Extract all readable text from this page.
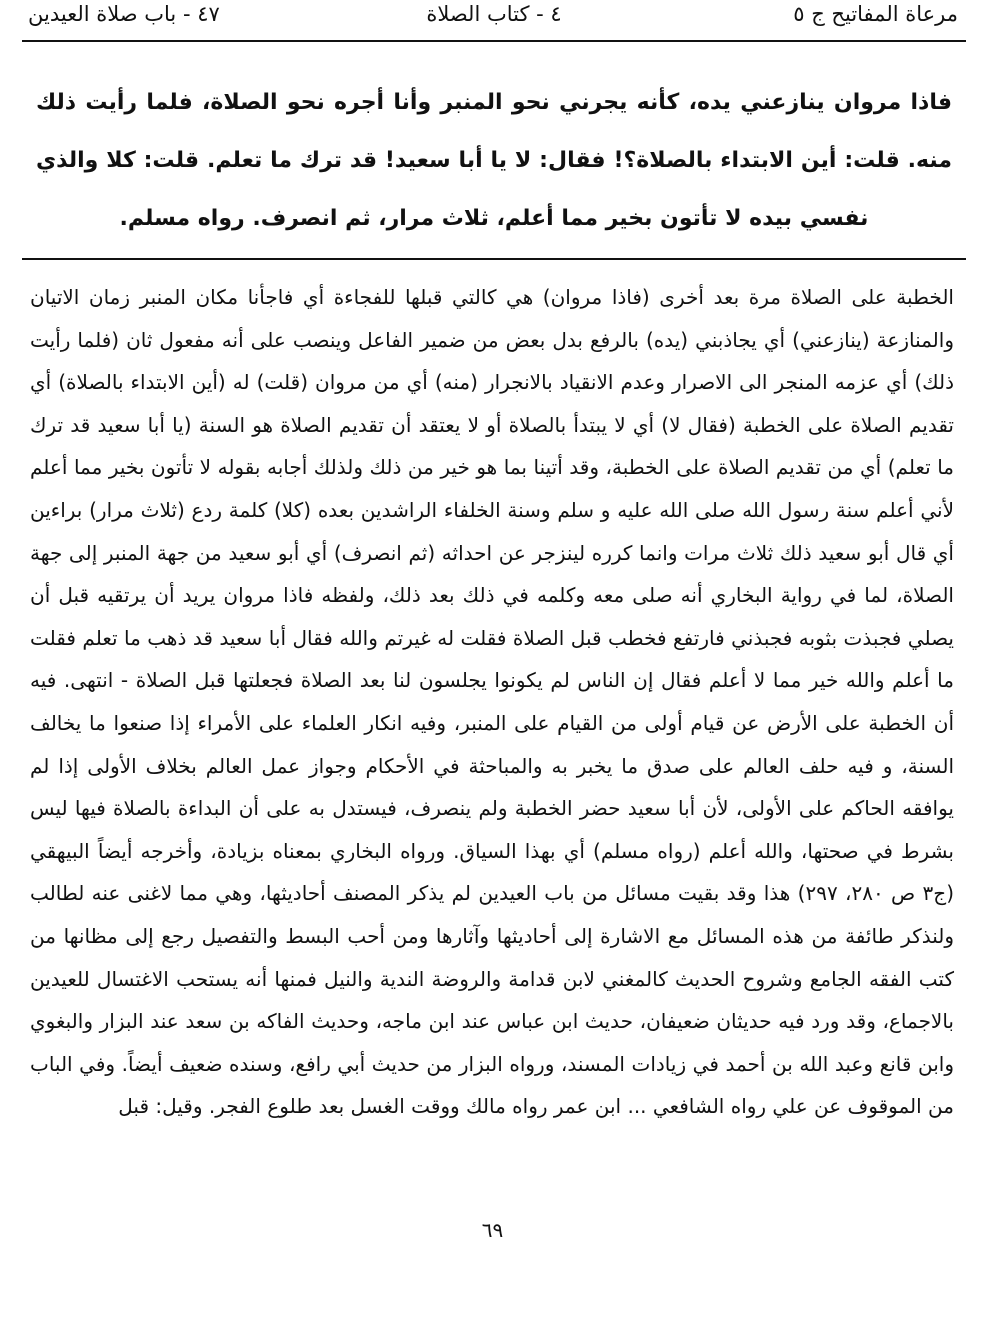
مرعاة المفاتيح ج ٥
٤ - كتاب الصلاة
٤٧ - باب صلاة العيدين

فاذا مروان ينازعني يده، كأنه يجرني نحو المنبر وأنا أجره نحو الصلاة، فلما رأيت ذلك منه. قلت: أين الابتداء بالصلاة؟! فقال: لا يا أبا سعيد! قد ترك ما تعلم. قلت: كلا والذي نفسي بيده لا تأتون بخير مما أعلم، ثلاث مرار، ثم انصرف. رواه مسلم.

الخطبة على الصلاة مرة بعد أخرى (فاذا مروان) هي كالتي قبلها للفجاءة أي فاجأنا مكان المنبر زمان الاتيان والمنازعة (ينازعني) أي يجاذبني (يده) بالرفع بدل بعض من ضمير الفاعل وينصب على أنه مفعول ثان (فلما رأيت ذلك) أي عزمه المنجر الى الاصرار وعدم الانقياد بالانجرار (منه) أي من مروان (قلت) له (أين الابتداء بالصلاة) أي تقديم الصلاة على الخطبة (فقال لا) أي لا يبتدأ بالصلاة أو لا يعتقد أن تقديم الصلاة هو السنة (يا أبا سعيد قد ترك ما تعلم) أي من تقديم الصلاة على الخطبة، وقد أتينا بما هو خير من ذلك ولذلك أجابه بقوله لا تأتون بخير مما أعلم لأني أعلم سنة رسول الله صلى الله عليه و سلم وسنة الخلفاء الراشدين بعده (كلا) كلمة ردع (ثلاث مرار) براءين أي قال أبو سعيد ذلك ثلاث مرات وانما كرره لينزجر عن احداثه (ثم انصرف) أي أبو سعيد من جهة المنبر إلى جهة الصلاة، لما في رواية البخاري أنه صلى معه وكلمه في ذلك بعد ذلك، ولفظه فاذا مروان يريد أن يرتقيه قبل أن يصلي فجبذت بثوبه فجبذني فارتفع فخطب قبل الصلاة فقلت له غيرتم والله فقال أبا سعيد قد ذهب ما تعلم فقلت ما أعلم والله خير مما لا أعلم فقال إن الناس لم يكونوا يجلسون لنا بعد الصلاة فجعلتها قبل الصلاة - انتهى. فيه أن الخطبة على الأرض عن قيام أولى من القيام على المنبر، وفيه انكار العلماء على الأمراء إذا صنعوا ما يخالف السنة، و فيه حلف العالم على صدق ما يخبر به والمباحثة في الأحكام وجواز عمل العالم بخلاف الأولى إذا لم يوافقه الحاكم على الأولى، لأن أبا سعيد حضر الخطبة ولم ينصرف، فيستدل به على أن البداءة بالصلاة فيها ليس بشرط في صحتها، والله أعلم (رواه مسلم) أي بهذا السياق. ورواه البخاري بمعناه بزيادة، وأخرجه أيضاً البيهقي (ج٣ ص ٢٨٠، ٢٩٧) هذا وقد بقيت مسائل من باب العيدين لم يذكر المصنف أحاديثها، وهي مما لاغنى عنه لطالب ولنذكر طائفة من هذه المسائل مع الاشارة إلى أحاديثها وآثارها ومن أحب البسط والتفصيل رجع إلى مظانها من كتب الفقه الجامع وشروح الحديث كالمغني لابن قدامة والروضة الندية والنيل فمنها أنه يستحب الاغتسال للعيدين بالاجماع، وقد ورد فيه حديثان ضعيفان، حديث ابن عباس عند ابن ماجه، وحديث الفاكه بن سعد عند البزار والبغوي وابن قانع وعبد الله بن أحمد في زيادات المسند، ورواه البزار من حديث أبي رافع، وسنده ضعيف أيضاً. وفي الباب من الموقوف عن علي رواه الشافعي ... ابن عمر رواه مالك ووقت الغسل بعد طلوع الفجر. وقيل: قبل

٦٩
